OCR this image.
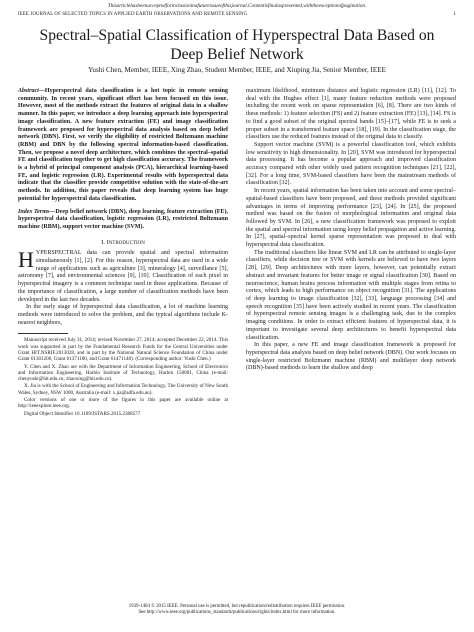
Thisarticlehasbeenacceptedforinclusioninafutureissueofthisjournal.Contentisfinalaspresented,withtheexceptionofpagination.
IEEE JOURNAL OF SELECTED TOPICS IN APPLIED EARTH OBSERVATIONS AND REMOTE SENSING	1
Spectral–Spatial Classification of Hyperspectral Data Based on Deep Belief Network
Yushi Chen, Member, IEEE, Xing Zhao, Student Member, IEEE, and Xiuping Jia, Senior Member, IEEE
Abstract—Hyperspectral data classification is a hot topic in remote sensing community. In recent years, significant effort has been focused on this issue. However, most of the methods extract the features of original data in a shallow manner. In this paper, we introduce a deep learning approach into hyperspectral image classification. A new feature extraction (FE) and image classification framework are proposed for hyperspectral data analysis based on deep belief network (DBN). First, we verify the eligibility of restricted Boltzmann machine (RBM) and DBN by the following spectral information-based classification. Then, we propose a novel deep architecture, which combines the spectral–spatial FE and classification together to get high classification accuracy. The framework is a hybrid of principal component analysis (PCA), hierarchical learning-based FE, and logistic regression (LR). Experimental results with hyperspectral data indicate that the classifier provide competitive solution with the state-of-the-art methods. In addition, this paper reveals that deep learning system has huge potential for hyperspectral data classification.
Index Terms—Deep belief network (DBN), deep learning, feature extraction (FE), hyperspectral data classification, logistic regression (LR), restricted Boltzmann machine (RBM), support vector machine (SVM).
I. Introduction

HYPERSPECTRAL data can provide spatial and spectral information simultaneously [1], [2]. For this reason, hyperspectral data are used in a wide range of applications such as agriculture [3], mineralogy [4], surveillance [5], astronomy [7], and environmental sciences [9], [10]. Classification of each pixel in hyperspectral imagery is a common technique used in these applications. Because of the importance of classification, a large number of classification methods have been developed in the last two decades.

In the early stage of hyperspectral data classification, a lot of machine learning methods were introduced to solve the problem, and the typical algorithms include K-nearest neighbors,

Manuscript received July 31, 2014; revised November 27, 2014; accepted December 22, 2014. This work was supported in part by the Fundamental Research Funds for the Central Universities under Grant HIT.NSRIF.2013028, and in part by the National Natural Science Foundation of China under Grant 61301206, Grant 61371180, and Grant 61471148). (Corresponding author: Yushi Chen.)

Y. Chen and X. Zhao are with the Department of Information Engineering, School of Electronics and Information Engineering, Harbin Institute of Technology, Harbin 150001, China (e-mail: chenyushi@hit.edu.cn; zhaoxing@hit.edu.cn).

X. Jia is with the School of Engineering and Information Technology, The University of New South Wales, Sydney, NSW 1000, Australia (e-mail: x.jia@adfa.edu.au).

Color versions of one or more of the figures in this paper are available online at http://ieeexplore.ieee.org.

Digital Object Identifier 10.1109/JSTARS.2015.2388577

maximum likelihood, minimum distance and logistic regression (LR) [11], [12]. To deal with the Hughes effect [1], many feature reduction methods were proposed including the recent work on sparse representation [6], [8]. There are two kinds of these methods: 1) feature selection (FS) and 2) feature extraction (FE) [13], [14]. FS is to find a good subset of the original spectral bands [15]–[17], while FE is to seek a proper subset in a transformed feature space [18], [19]. In the classification stage, the classifiers use the reduced features instead of the original data to classify.

Support vector machine (SVM) is a powerful classification tool, which exhibits low sensitivity to high dimensionality. In [20], SVM was introduced for hyperspectral data processing. It has become a popular approach and improved classification accuracy compared with other widely used pattern recognition techniques [21], [22], [32]. For a long time, SVM-based classifiers have been the mainstream methods of classification [32].

In recent years, spatial information has been taken into account and some spectral–spatial-based classifiers have been proposed, and these methods provided significant advantages in terms of improving performance [23], [24]. In [25], the proposed method was based on the fusion of morphological information and original data followed by SVM. In [26], a new classification framework was proposed to exploit the spatial and spectral information using loopy belief propagation and active learning. In [27], spatial–spectral kernel sparse representation was proposed to deal with hyperspectral data classification.

The traditional classifiers like linear SVM and LR can be attributed to single-layer classifiers, while decision tree or SVM with kernels are believed to have two layers [28], [29]. Deep architectures with more layers, however, can potentially extract abstract and invariant features for better image or signal classification [30]. Based on neuroscience, human brains process information with multiple stages from retina to cortex, which leads to high performance on object recognition [31]. The applications of deep learning to image classification [32], [33], language processing [34] and speech recognition [35] have been actively studied in recent years. The classification of hyperspectral remote sensing images is a challenging task, due to the complex imaging conditions. In order to extract efficient features of hyperspectral data, it is important to investigate several deep architectures to benefit hyperspectral data classification.

In this paper, a new FE and image classification framework is proposed for hyperspectral data analysis based on deep belief network (DBN). Our work focuses on single-layer restricted Boltzmann machine (RBM) and multilayer deep network (DBN)-based methods to learn the shallow and deep

1939-1404 © 2015 IEEE. Personal use is permitted, but republication/redistribution requires IEEE permission.
See http://www.ieee.org/publications_standards/publications/rights/index.html for more information.
